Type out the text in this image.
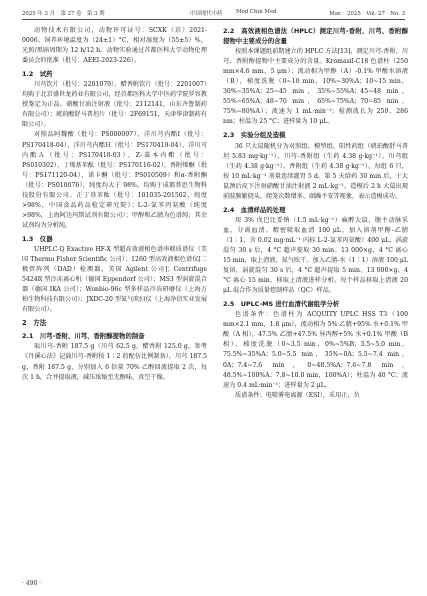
2025 年 3 月　第 27 卷　第 3 期	中国现代中药	Mod Chin Med	Mar.　2025　Vol. 27　No. 3

动物技术有限公司，动物许可证号：SCXK（京）2021-0006。饲养环境温度为（24±1）°C，相对湿度为（55±5）%，光照/黑暗周期为 12 h/12 h。动物实验通过首都医科大学动物伦理委员会的批准（批号：AEEI-2023-226）。

1.2　试药

川芎饮片（批号：2201079）、醋香附饮片（批号：2201007）均购于北京盛世龙药业有限公司，经首都医科大学中医药学院罗容教授鉴定为正品。硝酸甘油注射液（批号：2112141，山东齐鲁制药有限公司）；琥珀酸舒马普坦片（批号：2F69151，天津华津制药有限公司）。

对照品阿魏酸（批号：PS000097）、洋川芎内酯Ⅰ（批号：PS170418-04）、洋川芎内酯Ｈ（批号：PS170419-04）、洋川芎内酯Ａ（批号：PS170418-03）、Z-藁本内酯（批号：PS010302）、丁烯基苯酞（批号：PS170116-02）、香附烯酮（批号：PS171120-04）、诺卡酮（批号：PS010509）和α-香附酮（批号：PS010076），纯度均大于 98%，均购于成都普思生物科技股份有限公司。正丁基苯酞（批号：101035-201502，纯度 >98%，中国食品药品检定研究院）；L-2-氯苯丙氨酸（纯度 >98%，上海阿达玛斯试剂有限公司）；甲醇和乙腈为色谱纯；其余试剂均为分析纯。

1.3　仪器

UHPLC-Q Exactive HF-X 型超高效液相色谱串联质谱仪（美国 Thermo Fisher Scientific 公司）；1260 型高效液相色谱仪[二极管阵列（DAD）检测器，美国 Agilent 公司]；Centrifuge 5424R 型冷冻离心机（德国 Eppendorf 公司）；MS3 型涡旋混合器（德国 IKA 公司）；Wonbio-96c 型多样品冷冻研磨仪（上海万柏生物科技有限公司）；JXDC-20 型氮气吹扫仪（上海净信实业发展有限公司）。

2　方法
2.1　川芎-香附、川芎、香附醇提物的制备

取川芎-香附 187.5 g（川芎 62.5 g，醋香附 125.0 g，参考《丹溪心法》记载川芎-香附按 1∶2 的配伍比例制备），川芎 187.5 g，香附 187.5 g，分别加入 6 倍量 70% 乙醇回流提取 2 次，每次 1 h，合并提取液，减压浓缩至无醇味，真空干燥。

2.2　高效液相色谱法（HPLC）测定川芎-香附、川芎、香附醇提物中主要成分的含量

按照本课题组前期建立的 HPLC 方法[13]，测定川芎-香附、川芎、香附醇提物中主要成分的含量。Kromasil-C18 色谱柱（250 mm×4.6 mm，5 μm）；流动相为甲醇（A）-0.1% 甲酸水溶液（B），梯度洗脱（0~10 min，10%~30%A；10~15 min，30%~35%A；25~45 min，35%~55%A；45~48 min，55%~65%A；48~70 min，65%~75%A；70~85 min，75%~80%A）；流速为 1 mL·min⁻¹；检测波长为 250、286 nm；柱温为 25 °C；进样量为 10 μL。

2.3　实验分组及造模

36 只大鼠随机分为对照组、模型组、阳性药组（琥珀酸舒马普坦 5.83 mg·kg⁻¹）、川芎-香附组（生药 4.38 g·kg⁻¹）、川芎组（生药 4.38 g·kg⁻¹）、香附组（生药 4.38 g·kg⁻¹），每组 6 只，按 10 mL·kg⁻¹ 剂量连续灌胃 5 d。第 5 天给药 30 min 后，于大鼠颈后皮下注射硝酸甘油注射液 2 mL·kg⁻¹。造模后 2 h 大鼠出现前肢频繁挠头、爬笼次数增多、頭躁不安等现象，表示造模成功。

2.4　血清样品的处理

用 3% 戊巴比妥钠（1.5 mL·kg⁻¹）麻醉大鼠，腹主动脉采血，分离血清。精密吸取血清 100 μL，加入溶剂甲醇-乙腈（1∶1，含 0.02 mg·mL⁻¹ 内标 L-2-氯苯丙氨酸）400 μL，涡旋混匀 30 s 后，4 °C 超声提取 30 min。13 000×g、4 °C 离心 15 min，取上清液，氮气吹干。加入乙腈-水（1∶1）溶液 100 μL 复溶，涡旋混匀 30 s 后，4 °C 超声提取 5 min。13 000×g、4 °C 离心 15 min，移取上清液进样分析。每个样品移取上清液 20 μL 混合作为质量控制样品（QC）样品。

2.5　UPLC-MS 进行血清代谢组学分析

色谱条件：色谱柱为 ACQUITY UPLC HSS T3（100 mm×2.1 mm，1.8 μm），流动相为 5% 乙腈+95% 水+0.1% 甲酸（A 相），47.5% 乙腈+47.5% 异丙醇+5% 水+0.1% 甲酸（B 相），梯度洗脱（0~3.5 min，0%~5%B；3.5~5.0 min，75.5%~35%A；5.0~5.5 min，35%~0A；5.5~7.4 min，0A；7.4~7.6 min，0~48.5%A；7.6~7.8 min，48.5%~100%A；7.8~10.0 min，100%A）；柱温为 40 °C；流速为 0.4 mL·min⁻¹；进样量为 2 μL。

质谱条件：电喷雾电离源（ESI），采用正、负

· 490 ·
